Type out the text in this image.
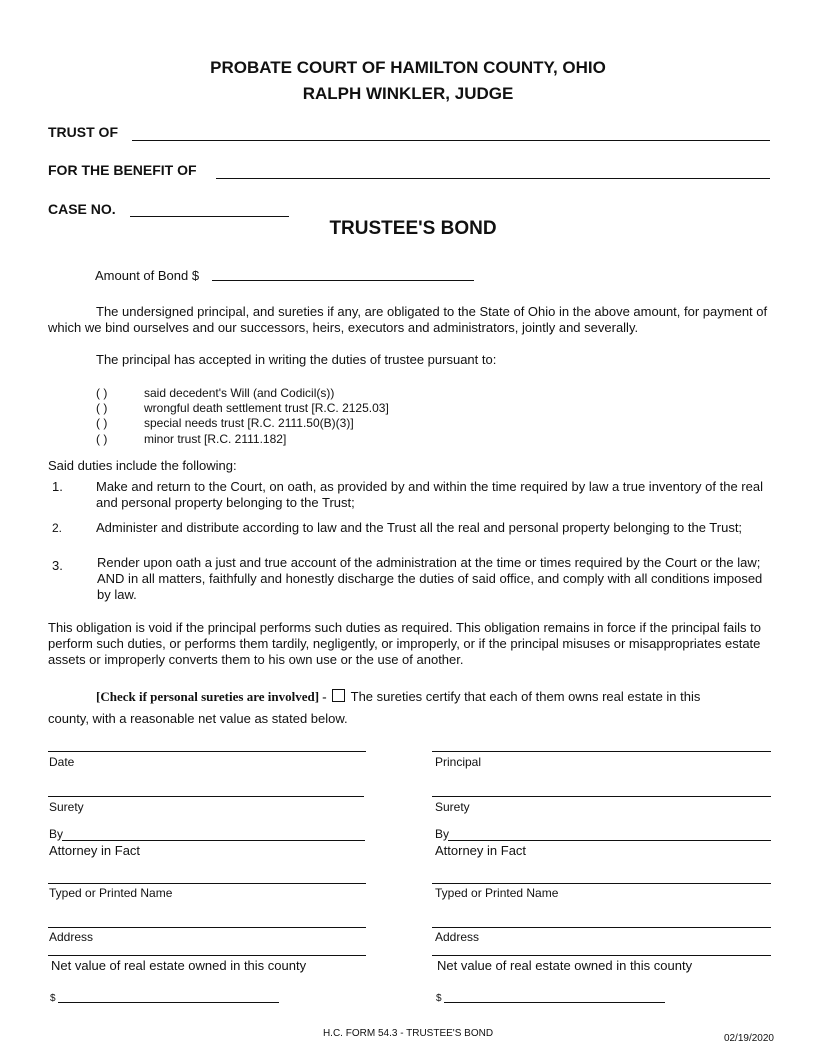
PROBATE COURT OF HAMILTON COUNTY, OHIO
RALPH WINKLER, JUDGE
TRUST OF
FOR THE BENEFIT OF
CASE NO.
TRUSTEE'S BOND
Amount of Bond $
The undersigned principal, and sureties if any, are obligated to the State of Ohio in the above amount, for payment of which we bind ourselves and our successors, heirs, executors and administrators, jointly and severally.
The principal has accepted in writing the duties of trustee pursuant to:
( )	said decedent's Will (and Codicil(s))
( )	wrongful death settlement trust [R.C. 2125.03]
( )	special needs trust [R.C. 2111.50(B)(3)]
( )	minor trust [R.C. 2111.182]
Said duties include the following:
1.	Make and return to the Court, on oath, as provided by and within the time required by law a true inventory of the real and personal property belonging to the Trust;
2.	Administer and distribute according to law and the Trust all the real and personal property belonging to the Trust;
3.	Render upon oath a just and true account of the administration at the time or times required by the Court or the law; AND in all matters, faithfully and honestly discharge the duties of said office, and comply with all conditions imposed by law.
This obligation is void if the principal performs such duties as required. This obligation remains in force if the principal fails to perform such duties, or performs them tardily, negligently, or improperly, or if the principal misuses or misappropriates estate assets or improperly converts them to his own use or the use of another.
[Check if personal sureties are involved] - The sureties certify that each of them owns real estate in this
county, with a reasonable net value as stated below.
Date
Surety
By
Attorney in Fact
Typed or Printed Name
Address
Net value of real estate owned in this county
$
Principal
Surety
By
Attorney in Fact
Typed or Printed Name
Address
Net value of real estate owned in this county
$
H.C. FORM 54.3 - TRUSTEE'S BOND	02/19/2020
